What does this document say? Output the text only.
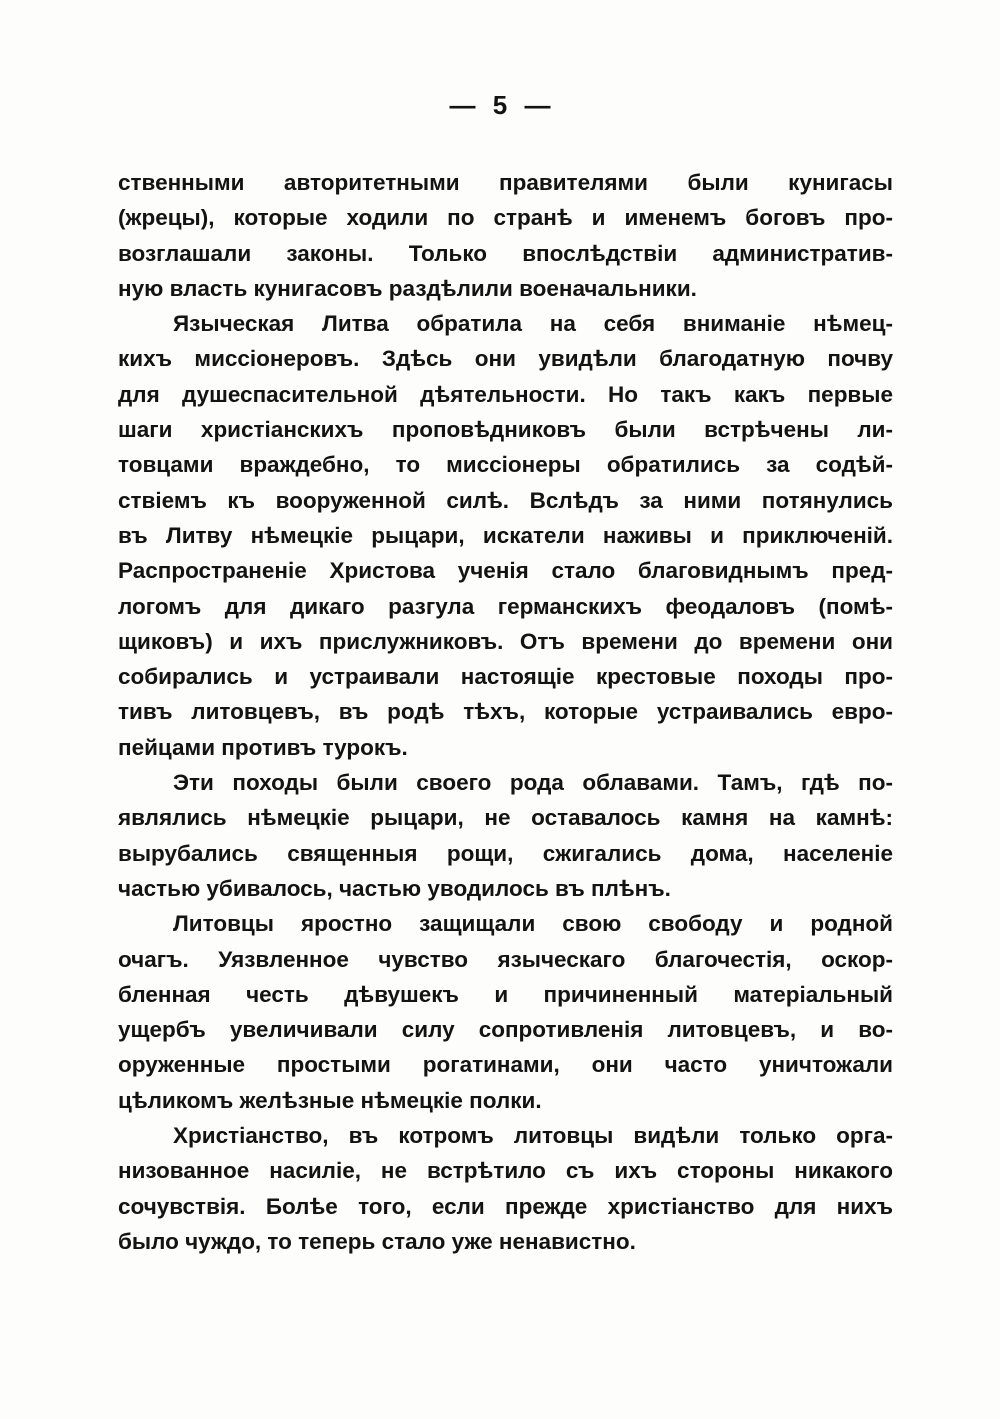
— 5 —
ственными авторитетными правителями были кунигасы
(жрецы), которые ходили по странѣ и именемъ боговъ про-
возглашали законы. Только впослѣдствіи административ-
ную власть кунигасовъ раздѣлили военачальники.
Языческая Литва обратила на себя вниманіе нѣмец-
кихъ миссіонеровъ. Здѣсь они увидѣли благодатную почву
для душеспасительной дѣятельности. Но такъ какъ первые
шаги христіанскихъ проповѣдниковъ были встрѣчены ли-
товцами враждебно, то миссіонеры обратились за содѣй-
ствіемъ къ вооруженной силѣ. Вслѣдъ за ними потянулись
въ Литву нѣмецкіе рыцари, искатели наживы и приключеній.
Распространеніе Христова ученія стало благовиднымъ пред-
логомъ для дикаго разгула германскихъ феодаловъ (помѣ-
щиковъ) и ихъ прислужниковъ. Отъ времени до времени они
собирались и устраивали настоящіе крестовые походы про-
тивъ литовцевъ, въ родѣ тѣхъ, которые устраивались евро-
пейцами противъ турокъ.
Эти походы были своего рода облавами. Тамъ, гдѣ по-
являлись нѣмецкіе рыцари, не оставалось камня на камнѣ:
вырубались священныя рощи, сжигались дома, населеніе
частью убивалось, частью уводилось въ плѣнъ.
Литовцы яростно защищали свою свободу и родной
очагъ. Уязвленное чувство языческаго благочестія, оскор-
бленная честь дѣвушекъ и причиненный матеріальный
ущербъ увеличивали силу сопротивленія литовцевъ, и во-
оруженные простыми рогатинами, они часто уничтожали
цѣликомъ желѣзные нѣмецкіе полки.
Христіанство, въ котромъ литовцы видѣли только орга-
низованное насиліе, не встрѣтило съ ихъ стороны никакого
сочувствія. Болѣе того, если прежде христіанство для нихъ
было чуждо, то теперь стало уже ненавистно.
